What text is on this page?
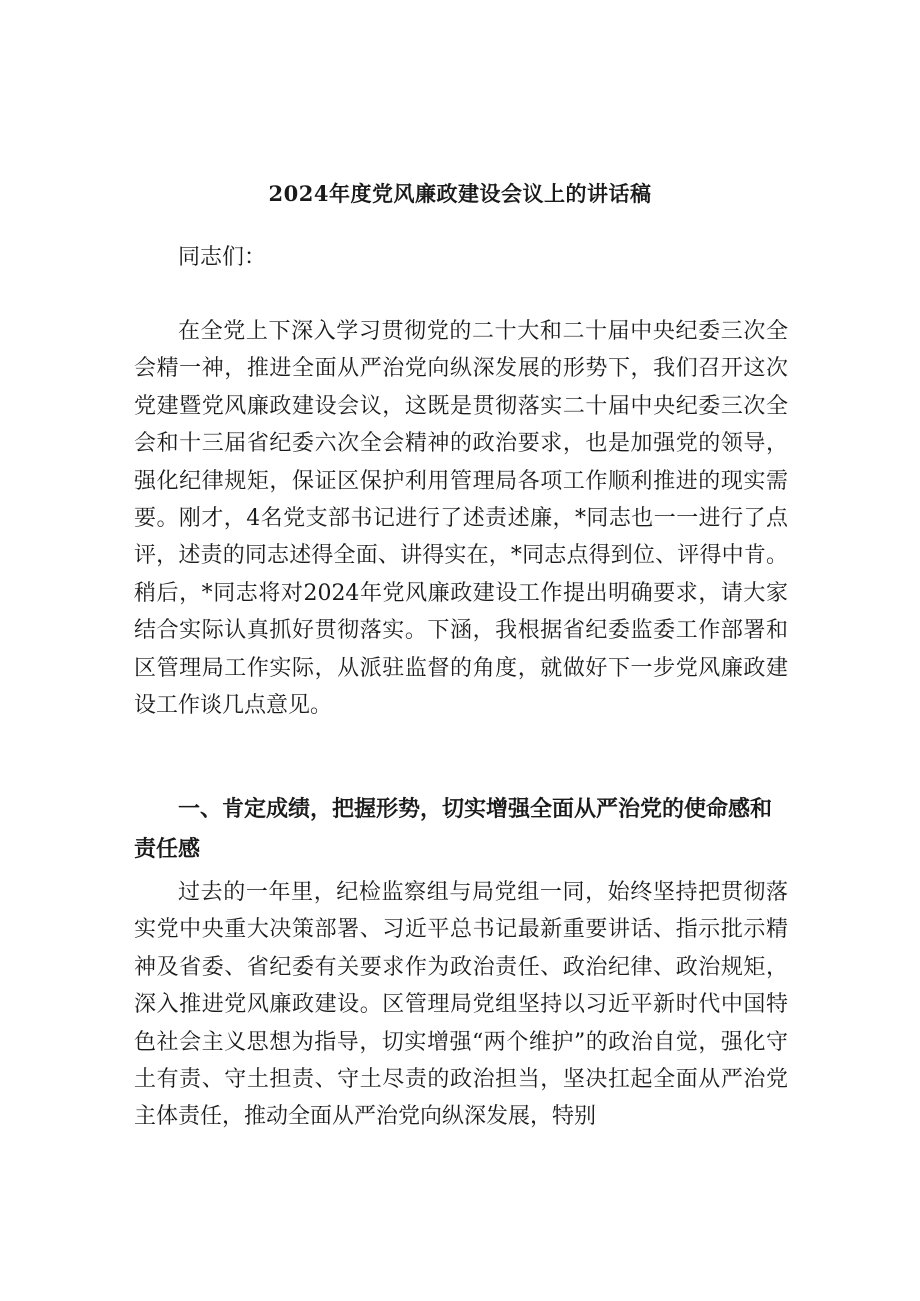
2024年度党风廉政建设会议上的讲话稿

同志们：

在全党上下深入学习贯彻党的二十大和二十届中央纪委三次全会精一神，推进全面从严治党向纵深发展的形势下，我们召开这次党建暨党风廉政建设会议，这既是贯彻落实二十届中央纪委三次全会和十三届省纪委六次全会精神的政治要求，也是加强党的领导，强化纪律规矩，保证区保护利用管理局各项工作顺利推进的现实需要。刚才，4名党支部书记进行了述责述廉，*同志也一一进行了点评，述责的同志述得全面、讲得实在，*同志点得到位、评得中肯。稍后，*同志将对2024年党风廉政建设工作提出明确要求，请大家结合实际认真抓好贯彻落实。下涵，我根据省纪委监委工作部署和区管理局工作实际，从派驻监督的角度，就做好下一步党风廉政建设工作谈几点意见。

一、肯定成绩，把握形势，切实增强全面从严治党的使命感和责任感

过去的一年里，纪检监察组与局党组一同，始终坚持把贯彻落实党中央重大决策部署、习近平总书记最新重要讲话、指示批示精神及省委、省纪委有关要求作为政治责任、政治纪律、政治规矩，深入推进党风廉政建设。区管理局党组坚持以习近平新时代中国特色社会主义思想为指导，切实增强“两个维护”的政治自觉，强化守土有责、守土担责、守土尽责的政治担当，坚决扛起全面从严治党主体责任，推动全面从严治党向纵深发展，特别
